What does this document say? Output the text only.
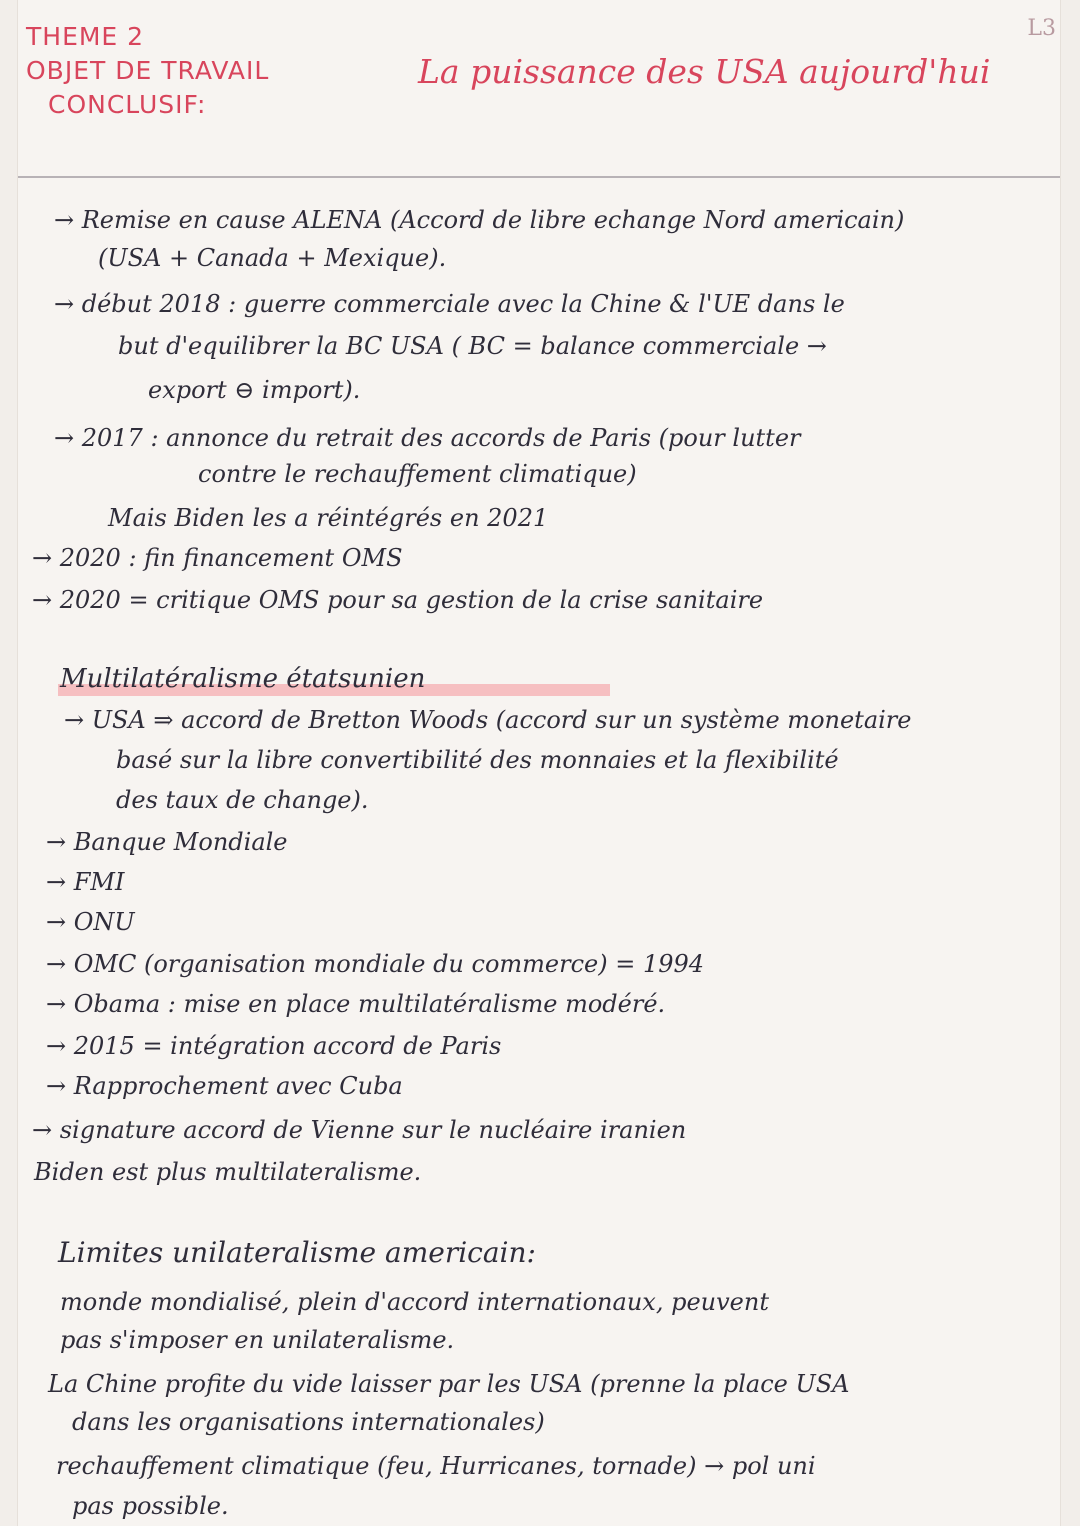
THEME 2
OBJET DE TRAVAIL
CONCLUSIF:
La puissance des USA aujourd'hui
L3
→ Remise en cause ALENA (Accord de libre echange Nord americain)
(USA + Canada + Mexique).
→ début 2018 : guerre commerciale avec la Chine & l'UE dans le
but d'equilibrer la BC USA ( BC = balance commerciale →
export ⊖ import).
→ 2017 : annonce du retrait des accords de Paris (pour lutter
contre le rechauffement climatique)
Mais Biden les a réintégrés en 2021
→ 2020 : fin financement OMS
→ 2020 = critique OMS pour sa gestion de la crise sanitaire
Multilatéralisme étatsunien
→ USA ⇒ accord de Bretton Woods (accord sur un système monetaire
basé sur la libre convertibilité des monnaies et la flexibilité
des taux de change).
→ Banque Mondiale
→ FMI
→ ONU
→ OMC (organisation mondiale du commerce) = 1994
→ Obama : mise en place multilatéralisme modéré.
→ 2015 = intégration accord de Paris
→ Rapprochement avec Cuba
→ signature accord de Vienne sur le nucléaire iranien
Biden est plus multilateralisme.
Limites unilateralisme americain:
monde mondialisé, plein d'accord internationaux, peuvent
pas s'imposer en unilateralisme.
La Chine profite du vide laisser par les USA (prenne la place USA
dans les organisations internationales)
rechauffement climatique (feu, Hurricanes, tornade) → pol uni
pas possible.
